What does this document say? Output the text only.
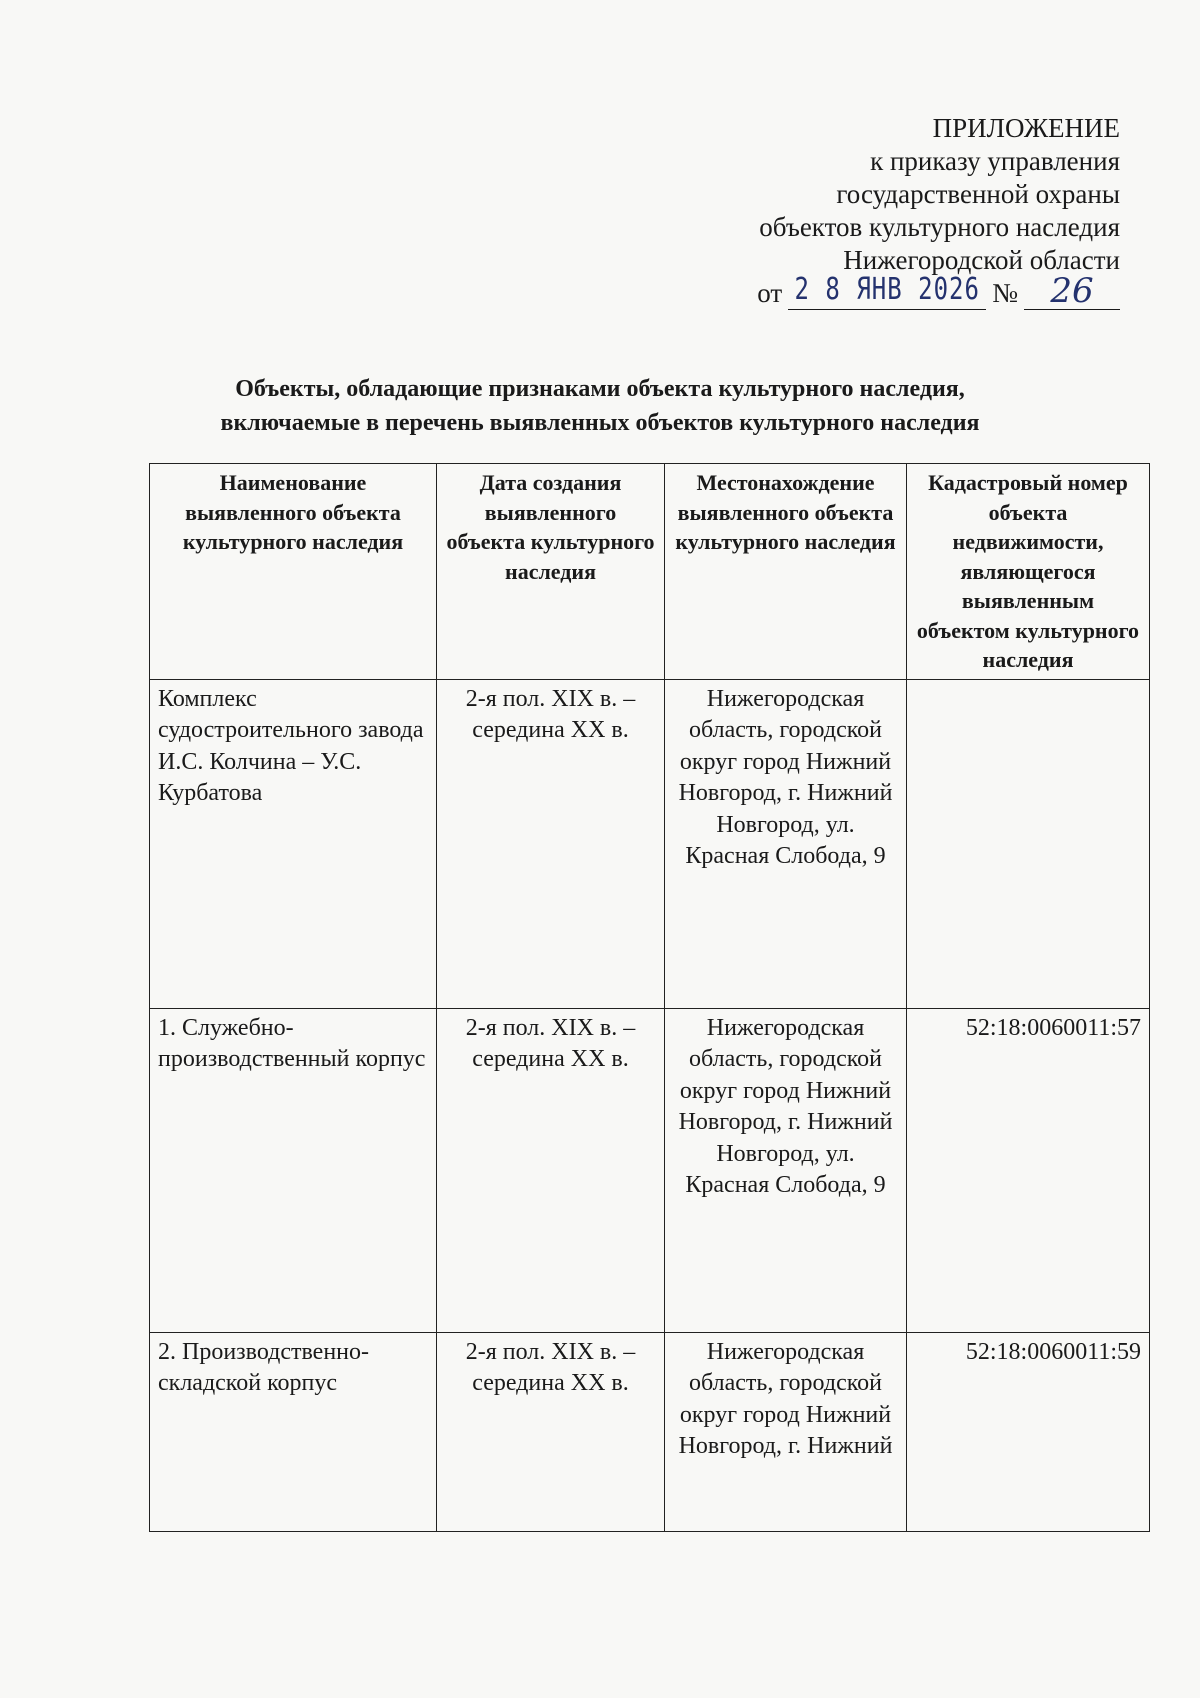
ПРИЛОЖЕНИЕ
к приказу управления
государственной охраны
объектов культурного наследия
Нижегородской области
от 2 8 ЯНВ 2026 № 26
Объекты, обладающие признаками объекта культурного наследия,
включаемые в перечень выявленных объектов культурного наследия
Наименование выявленного объекта культурного наследия	Дата создания выявленного объекта культурного наследия	Местонахождение выявленного объекта культурного наследия	Кадастровый номер объекта недвижимости, являющегося выявленным объектом культурного наследия
Комплекс судостроительного завода И.С. Колчина – У.С. Курбатова	2-я пол. XIX в. – середина XX в.	Нижегородская область, городской округ город Нижний Новгород, г. Нижний Новгород, ул. Красная Слобода, 9	
1. Служебно-производственный корпус	2-я пол. XIX в. – середина XX в.	Нижегородская область, городской округ город Нижний Новгород, г. Нижний Новгород, ул. Красная Слобода, 9	52:18:0060011:57
2. Производственно-складской корпус	2-я пол. XIX в. – середина XX в.	Нижегородская область, городской округ город Нижний Новгород, г. Нижний	52:18:0060011:59
